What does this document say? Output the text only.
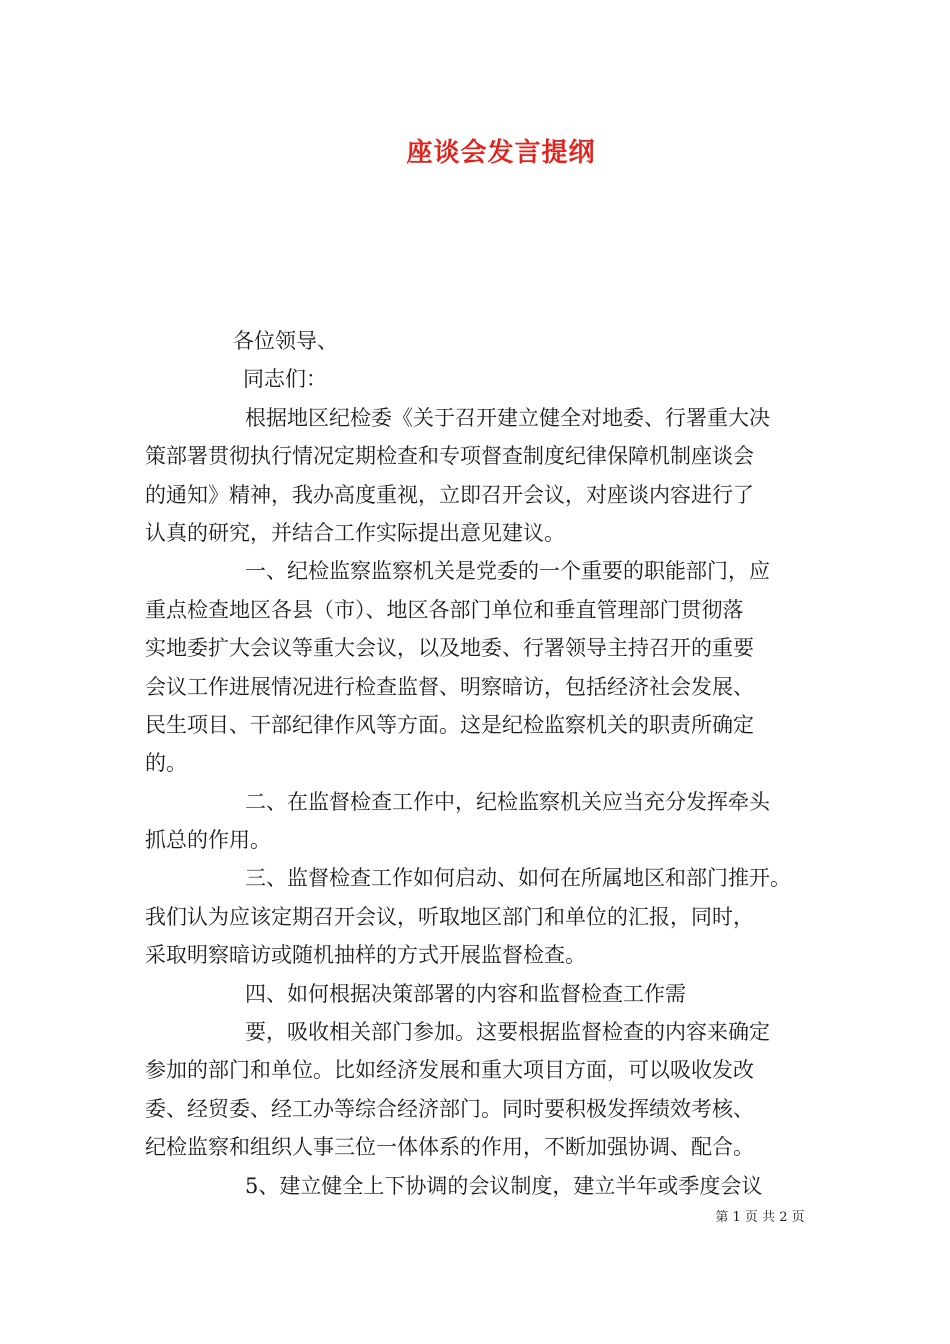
座谈会发言提纲
各位领导、
同志们：
根据地区纪检委《关于召开建立健全对地委、行署重大决
策部署贯彻执行情况定期检查和专项督查制度纪律保障机制座谈会
的通知》精神，我办高度重视，立即召开会议，对座谈内容进行了
认真的研究，并结合工作实际提出意见建议。
一、纪检监察监察机关是党委的一个重要的职能部门，应
重点检查地区各县（市）、地区各部门单位和垂直管理部门贯彻落
实地委扩大会议等重大会议，以及地委、行署领导主持召开的重要
会议工作进展情况进行检查监督、明察暗访，包括经济社会发展、
民生项目、干部纪律作风等方面。这是纪检监察机关的职责所确定
的。
二、在监督检查工作中，纪检监察机关应当充分发挥牵头
抓总的作用。
三、监督检查工作如何启动、如何在所属地区和部门推开。
我们认为应该定期召开会议，听取地区部门和单位的汇报，同时，
采取明察暗访或随机抽样的方式开展监督检查。
四、如何根据决策部署的内容和监督检查工作需
要，吸收相关部门参加。这要根据监督检查的内容来确定
参加的部门和单位。比如经济发展和重大项目方面，可以吸收发改
委、经贸委、经工办等综合经济部门。同时要积极发挥绩效考核、
纪检监察和组织人事三位一体体系的作用，不断加强协调、配合。
5、建立健全上下协调的会议制度，建立半年或季度会议
第 1 页 共 2 页
